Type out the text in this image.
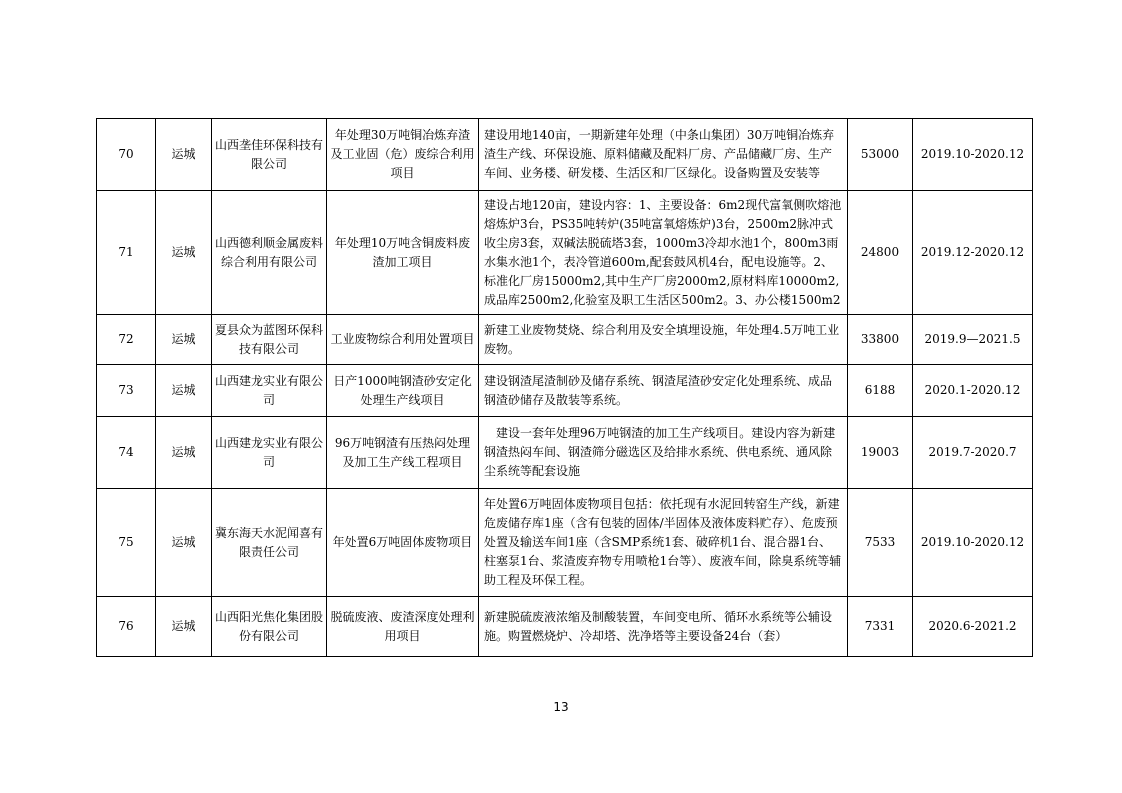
70	运城	山西垄佳环保科技有限公司	年处理30万吨铜冶炼弃渣及工业固（危）废综合利用项目	建设用地140亩，一期新建年处理（中条山集团）30万吨铜冶炼弃渣生产线、环保设施、原料储藏及配料厂房、产品储藏厂房、生产车间、业务楼、研发楼、生活区和厂区绿化。设备购置及安装等	53000	2019.10-2020.12
71	运城	山西德利顺金属废料综合利用有限公司	年处理10万吨含铜废料废渣加工项目	建设占地120亩，建设内容：1、主要设备：6m2现代富氧侧吹熔池熔炼炉3台，PS35吨转炉(35吨富氧熔炼炉)3台，2500m2脉冲式收尘房3套，双碱法脱硫塔3套，1000m3冷却水池1个，800m3雨水集水池1个，表冷管道600m,配套鼓风机4台，配电设施等。2、标准化厂房15000m2,其中生产厂房2000m2,原材料库10000m2,成品库2500m2,化验室及职工生活区500m2。3、办公楼1500m2	24800	2019.12-2020.12
72	运城	夏县众为蓝图环保科技有限公司	工业废物综合利用处置项目	新建工业废物焚烧、综合利用及安全填埋设施，年处理4.5万吨工业废物。	33800	2019.9—2021.5
73	运城	山西建龙实业有限公司	日产1000吨钢渣砂安定化处理生产线项目	建设钢渣尾渣制砂及储存系统、钢渣尾渣砂安定化处理系统、成品钢渣砂储存及散装等系统。	6188	2020.1-2020.12
74	运城	山西建龙实业有限公司	96万吨钢渣有压热闷处理及加工生产线工程项目	建设一套年处理96万吨钢渣的加工生产线项目。建设内容为新建钢渣热闷车间、钢渣筛分磁选区及给排水系统、供电系统、通风除尘系统等配套设施	19003	2019.7-2020.7
75	运城	冀东海天水泥闻喜有限责任公司	年处置6万吨固体废物项目	年处置6万吨固体废物项目包括：依托现有水泥回转窑生产线，新建危废储存库1座（含有包装的固体/半固体及液体废料贮存）、危废预处置及输送车间1座（含SMP系统1套、破碎机1台、混合器1台、柱塞泵1台、浆渣废弃物专用喷枪1台等）、废液车间，除臭系统等辅助工程及环保工程。	7533	2019.10-2020.12
76	运城	山西阳光焦化集团股份有限公司	脱硫废液、废渣深度处理利用项目	新建脱硫废液浓缩及制酸装置，车间变电所、循环水系统等公辅设施。购置燃烧炉、冷却塔、洗净塔等主要设备24台（套）	7331	2020.6-2021.2
13
